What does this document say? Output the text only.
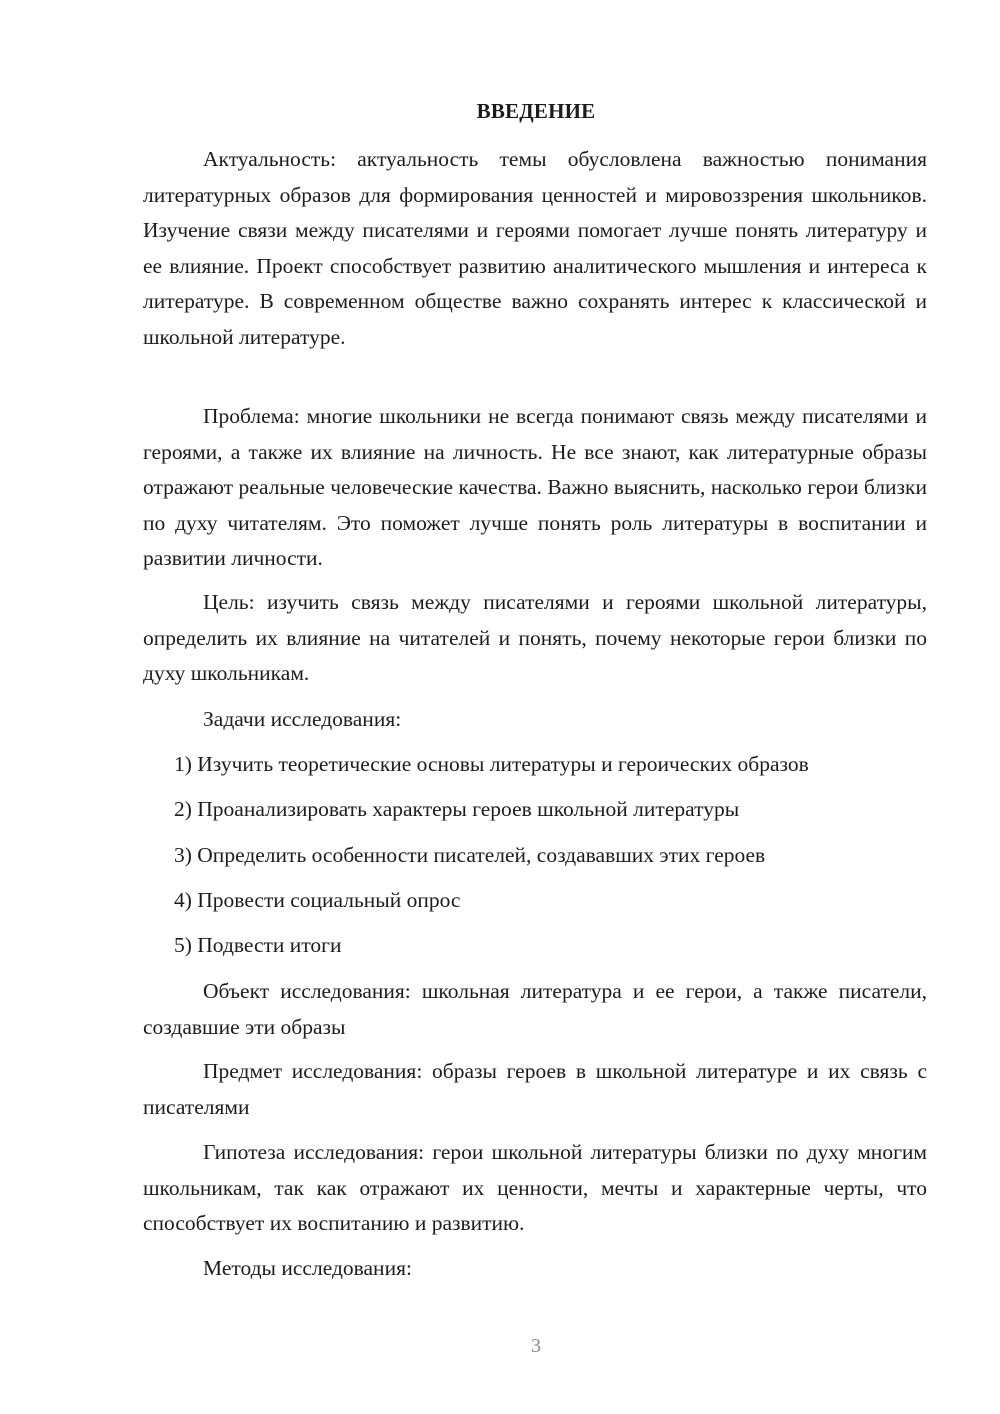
ВВЕДЕНИЕ

Актуальность: актуальность темы обусловлена важностью понимания литературных образов для формирования ценностей и мировоззрения школьников. Изучение связи между писателями и героями помогает лучше понять литературу и ее влияние. Проект способствует развитию аналитического мышления и интереса к литературе. В современном обществе важно сохранять интерес к классической и школьной литературе.

Проблема: многие школьники не всегда понимают связь между писателями и героями, а также их влияние на личность. Не все знают, как литературные образы отражают реальные человеческие качества. Важно выяснить, насколько герои близки по духу читателям. Это поможет лучше понять роль литературы в воспитании и развитии личности.

Цель: изучить связь между писателями и героями школьной литературы, определить их влияние на читателей и понять, почему некоторые герои близки по духу школьникам.

Задачи исследования:

1) Изучить теоретические основы литературы и героических образов

2) Проанализировать характеры героев школьной литературы

3) Определить особенности писателей, создававших этих героев

4) Провести социальный опрос

5) Подвести итоги

Объект исследования: школьная литература и ее герои, а также писатели, создавшие эти образы

Предмет исследования: образы героев в школьной литературе и их связь с писателями

Гипотеза исследования: герои школьной литературы близки по духу многим школьникам, так как отражают их ценности, мечты и характерные черты, что способствует их воспитанию и развитию.

Методы исследования:

3
